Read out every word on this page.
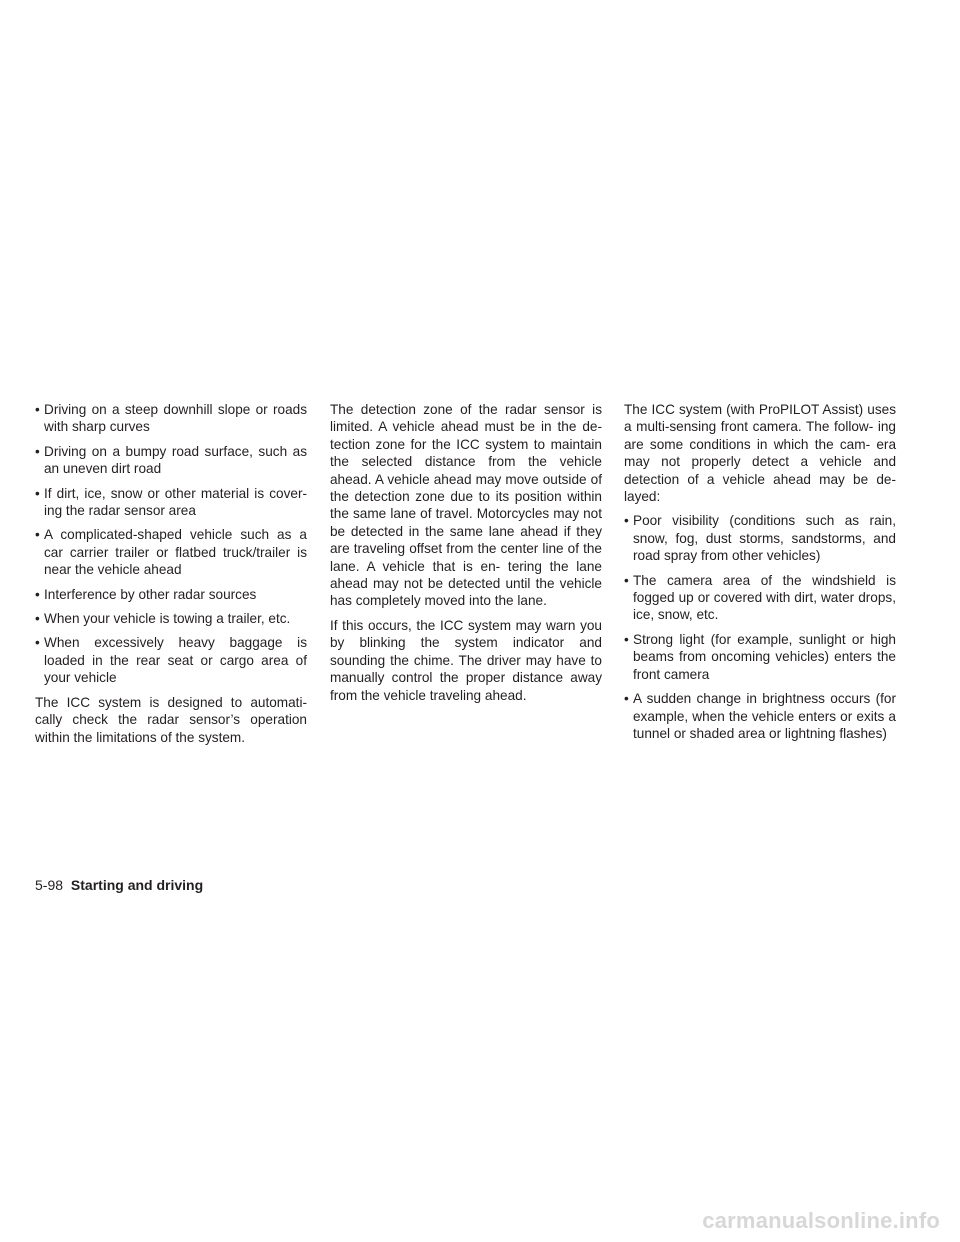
• Driving on a steep downhill slope or roads with sharp curves
• Driving on a bumpy road surface, such as an uneven dirt road
• If dirt, ice, snow or other material is cover- ing the radar sensor area
• A complicated-shaped vehicle such as a car carrier trailer or flatbed truck/trailer is near the vehicle ahead
• Interference by other radar sources
• When your vehicle is towing a trailer, etc.
• When excessively heavy baggage is loaded in the rear seat or cargo area of your vehicle

The ICC system is designed to automati- cally check the radar sensor’s operation within the limitations of the system.

The detection zone of the radar sensor is limited. A vehicle ahead must be in the de- tection zone for the ICC system to maintain the selected distance from the vehicle ahead. A vehicle ahead may move outside of the detection zone due to its position within the same lane of travel. Motorcycles may not be detected in the same lane ahead if they are traveling offset from the center line of the lane. A vehicle that is en- tering the lane ahead may not be detected until the vehicle has completely moved into the lane.

If this occurs, the ICC system may warn you by blinking the system indicator and sounding the chime. The driver may have to manually control the proper distance away from the vehicle traveling ahead.

The ICC system (with ProPILOT Assist) uses a multi-sensing front camera. The follow- ing are some conditions in which the cam- era may not properly detect a vehicle and detection of a vehicle ahead may be de- layed:

• Poor visibility (conditions such as rain, snow, fog, dust storms, sandstorms, and road spray from other vehicles)
• The camera area of the windshield is fogged up or covered with dirt, water drops, ice, snow, etc.
• Strong light (for example, sunlight or high beams from oncoming vehicles) enters the front camera
• A sudden change in brightness occurs (for example, when the vehicle enters or exits a tunnel or shaded area or lightning flashes)
5-98 Starting and driving
carmanualsonline.info
